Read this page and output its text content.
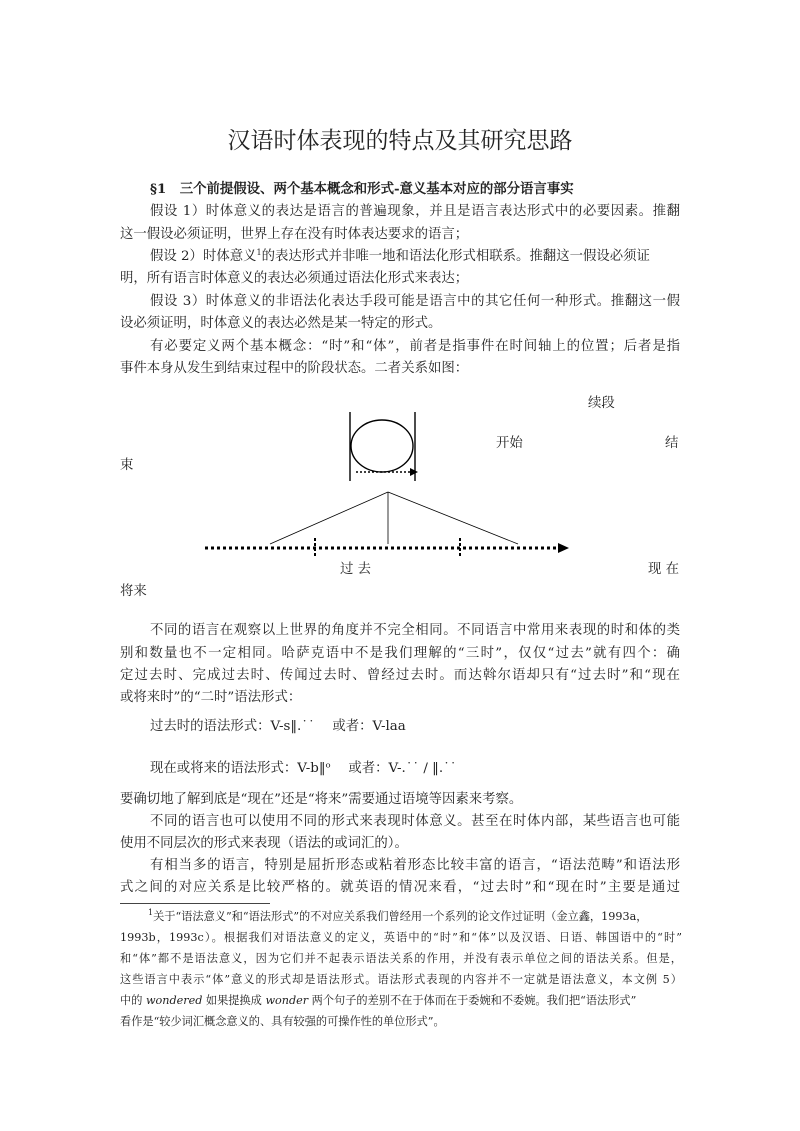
汉语时体表现的特点及其研究思路
§1　三个前提假设、两个基本概念和形式-意义基本对应的部分语言事实
假设 1）时体意义的表达是语言的普遍现象，并且是语言表达形式中的必要因素。推翻
这一假设必须证明，世界上存在没有时体表达要求的语言；
假设 2）时体意义$^1$的表达形式并非唯一地和语法化形式相联系。推翻这一假设必须证
明，所有语言时体意义的表达必须通过语法化形式来表达；
假设 3）时体意义的非语法化表达手段可能是语言中的其它任何一种形式。推翻这一假
设必须证明，时体意义的表达必然是某一特定的形式。
有必要定义两个基本概念：“时”和“体”，前者是指事件在时间轴上的位置；后者是指
事件本身从发生到结束过程中的阶段状态。二者关系如图：
续段
开始	结
束
过 去	现 在
将来
不同的语言在观察以上世界的角度并不完全相同。不同语言中常用来表现的时和体的类
别和数量也不一定相同。哈萨克语中不是我们理解的“三时”，仅仅“过去”就有四个：确
定过去时、完成过去时、传闻过去时、曾经过去时。而达斡尔语却只有“过去时”和“现在
或将来时”的“二时”语法形式：
过去时的语法形式：V-s‖.˙˙　 或者：V-laa
现在或将来的语法形式：V-b‖ᵒ　 或者：V-.˙˙ / ‖.˙˙
要确切地了解到底是“现在”还是“将来”需要通过语境等因素来考察。
不同的语言也可以使用不同的形式来表现时体意义。甚至在时体内部，某些语言也可能
使用不同层次的形式来表现（语法的或词汇的）。
有相当多的语言，特别是屈折形态或粘着形态比较丰富的语言，“语法范畴”和语法形
式之间的对应关系是比较严格的。就英语的情况来看，“过去时”和“现在时”主要是通过
$^1$关于“语法意义”和“语法形式”的不对应关系我们曾经用一个系列的论文作过证明（金立鑫，1993a，
1993b，1993c）。根据我们对语法意义的定义，英语中的“时”和“体”以及汉语、日语、韩国语中的“时”
和“体”都不是语法意义，因为它们并不起表示语法关系的作用，并没有表示单位之间的语法关系。但是，
这些语言中表示“体”意义的形式却是语法形式。语法形式表现的内容并不一定就是语法意义，本文例 5）
中的 wondered 如果提换成 wonder 两个句子的差别不在于体而在于委婉和不委婉。我们把“语法形式”
看作是“较少词汇概念意义的、具有较强的可操作性的单位形式”。
